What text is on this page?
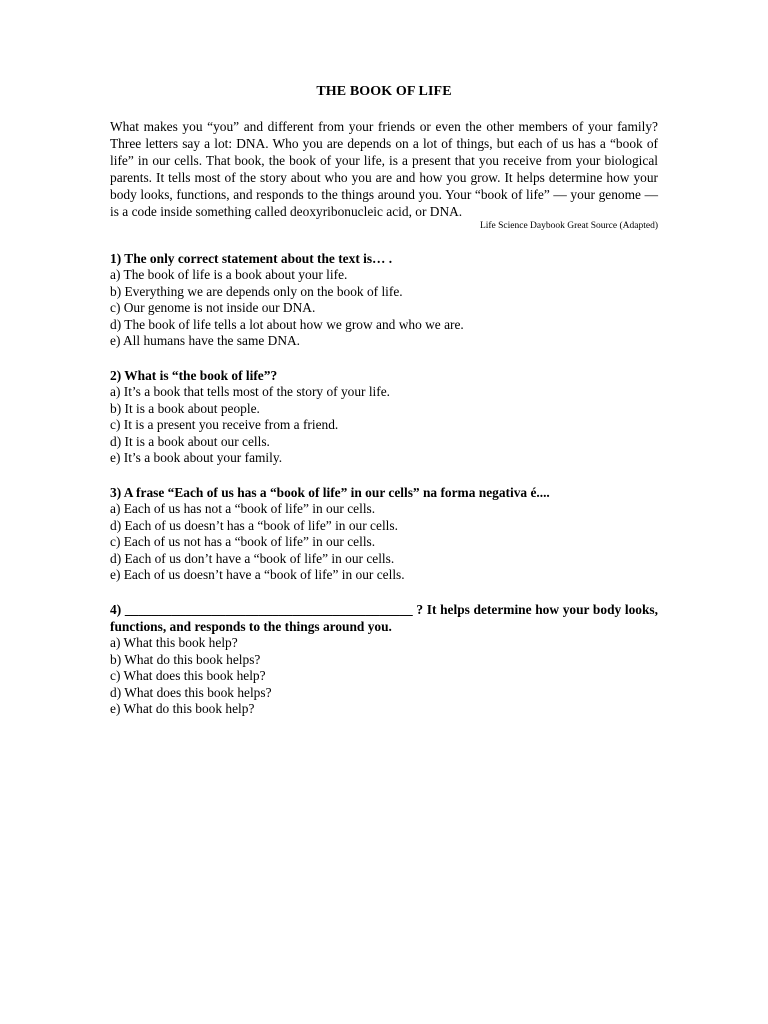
THE BOOK OF LIFE

What makes you “you” and different from your friends or even the other members of your family? Three letters say a lot: DNA. Who you are depends on a lot of things, but each of us has a “book of life” in our cells. That book, the book of your life, is a present that you receive from your biological parents. It tells most of the story about who you are and how you grow. It helps determine how your body looks, functions, and responds to the things around you. Your “book of life” — your genome — is a code inside something called deoxyribonucleic acid, or DNA.

Life Science Daybook Great Source (Adapted)

1) The only correct statement about the text is… .

a) The book of life is a book about your life.
b) Everything we are depends only on the book of life.
c) Our genome is not inside our DNA.
d) The book of life tells a lot about how we grow and who we are.
e) All humans have the same DNA.

2) What is “the book of life”?

a) It’s a book that tells most of the story of your life.
b) It is a book about people.
c) It is a present you receive from a friend.
d) It is a book about our cells.
e) It’s a book about your family.

3) A frase “Each of us has a “book of life” in our cells” na forma negativa é....

a) Each of us has not a “book of life” in our cells.
d) Each of us doesn’t has a “book of life” in our cells.
c) Each of us not has a “book of life” in our cells.
d) Each of us don’t have a “book of life” in our cells.
e) Each of us doesn’t have a “book of life” in our cells.

4) ___________________________________________ ? It helps determine how your body looks, functions, and responds to the things around you.

a) What this book help?
b) What do this book helps?
c) What does this book help?
d) What does this book helps?
e) What do this book help?
